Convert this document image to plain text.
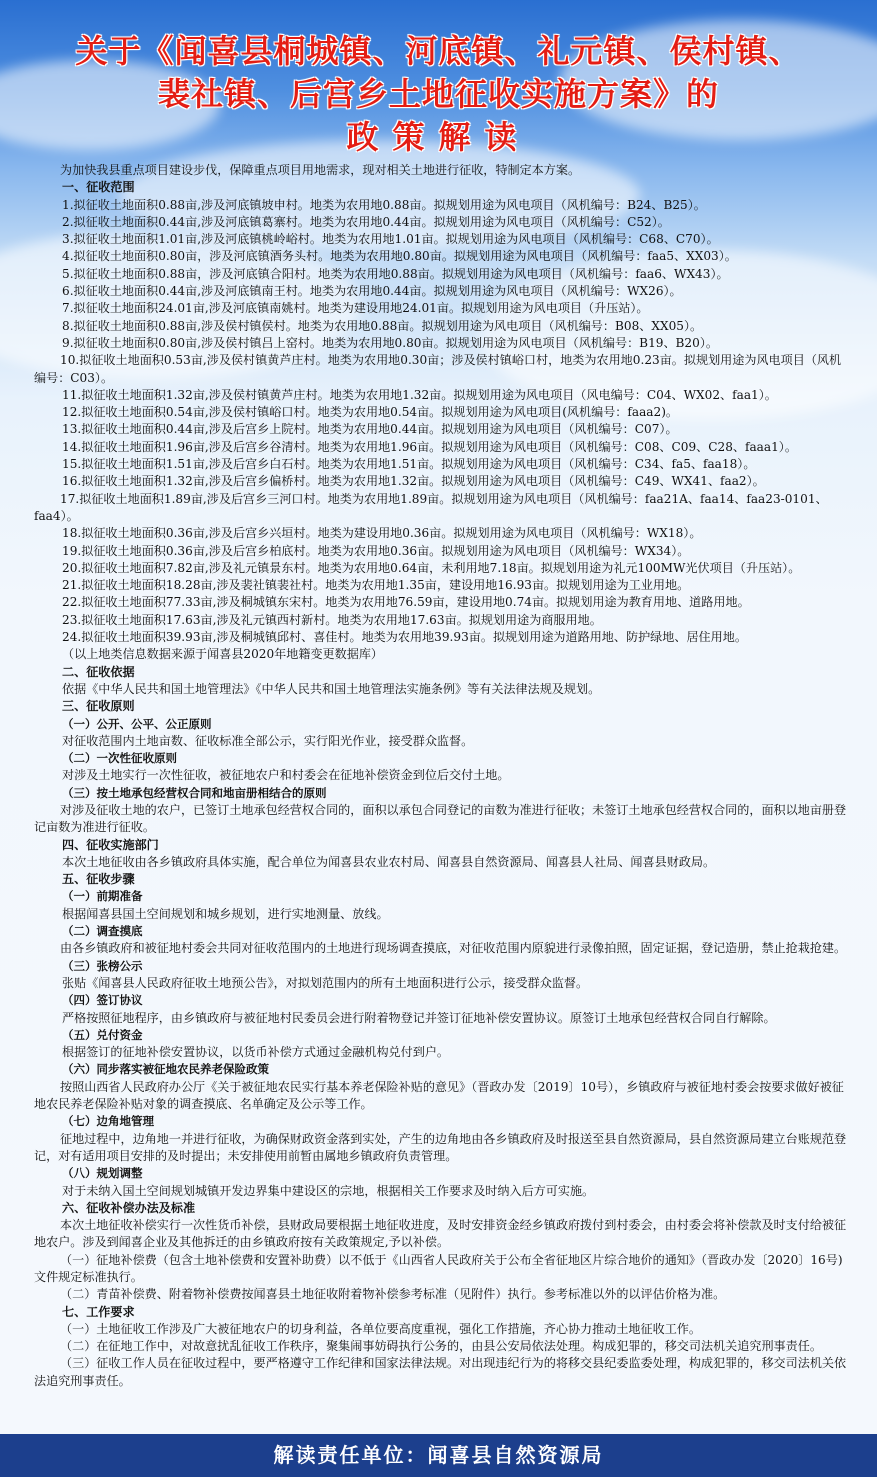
关于《闻喜县桐城镇、河底镇、礼元镇、侯村镇、
裴社镇、后宫乡土地征收实施方案》的
政策解读
为加快我县重点项目建设步伐，保障重点项目用地需求，现对相关土地进行征收，特制定本方案。
一、征收范围
1.拟征收土地面积0.88亩,涉及河底镇坡申村。地类为农用地0.88亩。拟规划用途为风电项目（风机编号：B24、B25）。
2.拟征收土地面积0.44亩,涉及河底镇葛寨村。地类为农用地0.44亩。拟规划用途为风电项目（风机编号：C52）。
3.拟征收土地面积1.01亩,涉及河底镇桃岭峪村。地类为农用地1.01亩。拟规划用途为风电项目（风机编号：C68、C70）。
4.拟征收土地面积0.80亩，涉及河底镇酒务头村。地类为农用地0.80亩。拟规划用途为风电项目（风机编号：faa5、XX03）。
5.拟征收土地面积0.88亩，涉及河底镇合阳村。地类为农用地0.88亩。拟规划用途为风电项目（风机编号：faa6、WX43）。
6.拟征收土地面积0.44亩,涉及河底镇南王村。地类为农用地0.44亩。拟规划用途为风电项目（风机编号：WX26）。
7.拟征收土地面积24.01亩,涉及河底镇南姚村。地类为建设用地24.01亩。拟规划用途为风电项目（升压站）。
8.拟征收土地面积0.88亩,涉及侯村镇侯村。地类为农用地0.88亩。拟规划用途为风电项目（风机编号：B08、XX05）。
9.拟征收土地面积0.80亩,涉及侯村镇吕上窑村。地类为农用地0.80亩。拟规划用途为风电项目（风机编号：B19、B20）。
10.拟征收土地面积0.53亩,涉及侯村镇黄芦庄村。地类为农用地0.30亩；涉及侯村镇峪口村，地类为农用地0.23亩。拟规划用途为风电项目（风机编号：C03）。
11.拟征收土地面积1.32亩,涉及侯村镇黄芦庄村。地类为农用地1.32亩。拟规划用途为风电项目（风电编号：C04、WX02、faa1）。
12.拟征收土地面积0.54亩,涉及侯村镇峪口村。地类为农用地0.54亩。拟规划用途为风电项目(风机编号：faaa2)。
13.拟征收土地面积0.44亩,涉及后宫乡上院村。地类为农用地0.44亩。拟规划用途为风电项目（风机编号：C07）。
14.拟征收土地面积1.96亩,涉及后宫乡谷清村。地类为农用地1.96亩。拟规划用途为风电项目（风机编号：C08、C09、C28、faaa1）。
15.拟征收土地面积1.51亩,涉及后宫乡白石村。地类为农用地1.51亩。拟规划用途为风电项目（风机编号：C34、fa5、faa18）。
16.拟征收土地面积1.32亩,涉及后宫乡偏桥村。地类为农用地1.32亩。拟规划用途为风电项目（风机编号：C49、WX41、faa2）。
17.拟征收土地面积1.89亩,涉及后宫乡三河口村。地类为农用地1.89亩。拟规划用途为风电项目（风机编号：faa21A、faa14、faa23-0101、faa4）。
18.拟征收土地面积0.36亩,涉及后宫乡兴垣村。地类为建设用地0.36亩。拟规划用途为风电项目（风机编号：WX18）。
19.拟征收土地面积0.36亩,涉及后宫乡柏底村。地类为农用地0.36亩。拟规划用途为风电项目（风机编号：WX34）。
20.拟征收土地面积7.82亩,涉及礼元镇景东村。地类为农用地0.64亩，未利用地7.18亩。拟规划用途为礼元100MW光伏项目（升压站）。
21.拟征收土地面积18.28亩,涉及裴社镇裴社村。地类为农用地1.35亩，建设用地16.93亩。拟规划用途为工业用地。
22.拟征收土地面积77.33亩,涉及桐城镇东宋村。地类为农用地76.59亩，建设用地0.74亩。拟规划用途为教育用地、道路用地。
23.拟征收土地面积17.63亩,涉及礼元镇西村新村。地类为农用地17.63亩。拟规划用途为商服用地。
24.拟征收土地面积39.93亩,涉及桐城镇邱村、喜佳村。地类为农用地39.93亩。拟规划用途为道路用地、防护绿地、居住用地。
（以上地类信息数据来源于闻喜县2020年地籍变更数据库）
二、征收依据
依据《中华人民共和国土地管理法》《中华人民共和国土地管理法实施条例》等有关法律法规及规划。
三、征收原则
（一）公开、公平、公正原则
对征收范围内土地亩数、征收标准全部公示，实行阳光作业，接受群众监督。
（二）一次性征收原则
对涉及土地实行一次性征收，被征地农户和村委会在征地补偿资金到位后交付土地。
（三）按土地承包经营权合同和地亩册相结合的原则
对涉及征收土地的农户，已签订土地承包经营权合同的，面积以承包合同登记的亩数为准进行征收；未签订土地承包经营权合同的，面积以地亩册登记亩数为准进行征收。
四、征收实施部门
本次土地征收由各乡镇政府具体实施，配合单位为闻喜县农业农村局、闻喜县自然资源局、闻喜县人社局、闻喜县财政局。
五、征收步骤
（一）前期准备
根据闻喜县国土空间规划和城乡规划，进行实地测量、放线。
（二）调查摸底
由各乡镇政府和被征地村委会共同对征收范围内的土地进行现场调查摸底，对征收范围内原貌进行录像拍照，固定证据，登记造册，禁止抢栽抢建。
（三）张榜公示
张贴《闻喜县人民政府征收土地预公告》，对拟划范围内的所有土地面积进行公示，接受群众监督。
（四）签订协议
严格按照征地程序，由乡镇政府与被征地村民委员会进行附着物登记并签订征地补偿安置协议。原签订土地承包经营权合同自行解除。
（五）兑付资金
根据签订的征地补偿安置协议，以货币补偿方式通过金融机构兑付到户。
（六）同步落实被征地农民养老保险政策
按照山西省人民政府办公厅《关于被征地农民实行基本养老保险补贴的意见》（晋政办发〔2019〕10号），乡镇政府与被征地村委会按要求做好被征地农民养老保险补贴对象的调查摸底、名单确定及公示等工作。
（七）边角地管理
征地过程中，边角地一并进行征收，为确保财政资金落到实处，产生的边角地由各乡镇政府及时报送至县自然资源局，县自然资源局建立台账规范登记，对有适用项目安排的及时提出；未安排使用前暂由属地乡镇政府负责管理。
（八）规划调整
对于未纳入国土空间规划城镇开发边界集中建设区的宗地，根据相关工作要求及时纳入后方可实施。
六、征收补偿办法及标准
本次土地征收补偿实行一次性货币补偿，县财政局要根据土地征收进度，及时安排资金经乡镇政府拨付到村委会，由村委会将补偿款及时支付给被征地农户。涉及到闻喜企业及其他拆迁的由乡镇政府按有关政策规定,予以补偿。
（一）征地补偿费（包含土地补偿费和安置补助费）以不低于《山西省人民政府关于公布全省征地区片综合地价的通知》（晋政办发〔2020〕16号)文件规定标准执行。
（二）青苗补偿费、附着物补偿费按闻喜县土地征收附着物补偿参考标准（见附件）执行。参考标准以外的以评估价格为准。
七、工作要求
（一）土地征收工作涉及广大被征地农户的切身利益，各单位要高度重视，强化工作措施，齐心协力推动土地征收工作。
（二）在征地工作中，对故意扰乱征收工作秩序，聚集闹事妨碍执行公务的，由县公安局依法处理。构成犯罪的，移交司法机关追究刑事责任。
（三）征收工作人员在征收过程中，要严格遵守工作纪律和国家法律法规。对出现违纪行为的将移交县纪委监委处理，构成犯罪的，移交司法机关依法追究刑事责任。
解读责任单位：闻喜县自然资源局
